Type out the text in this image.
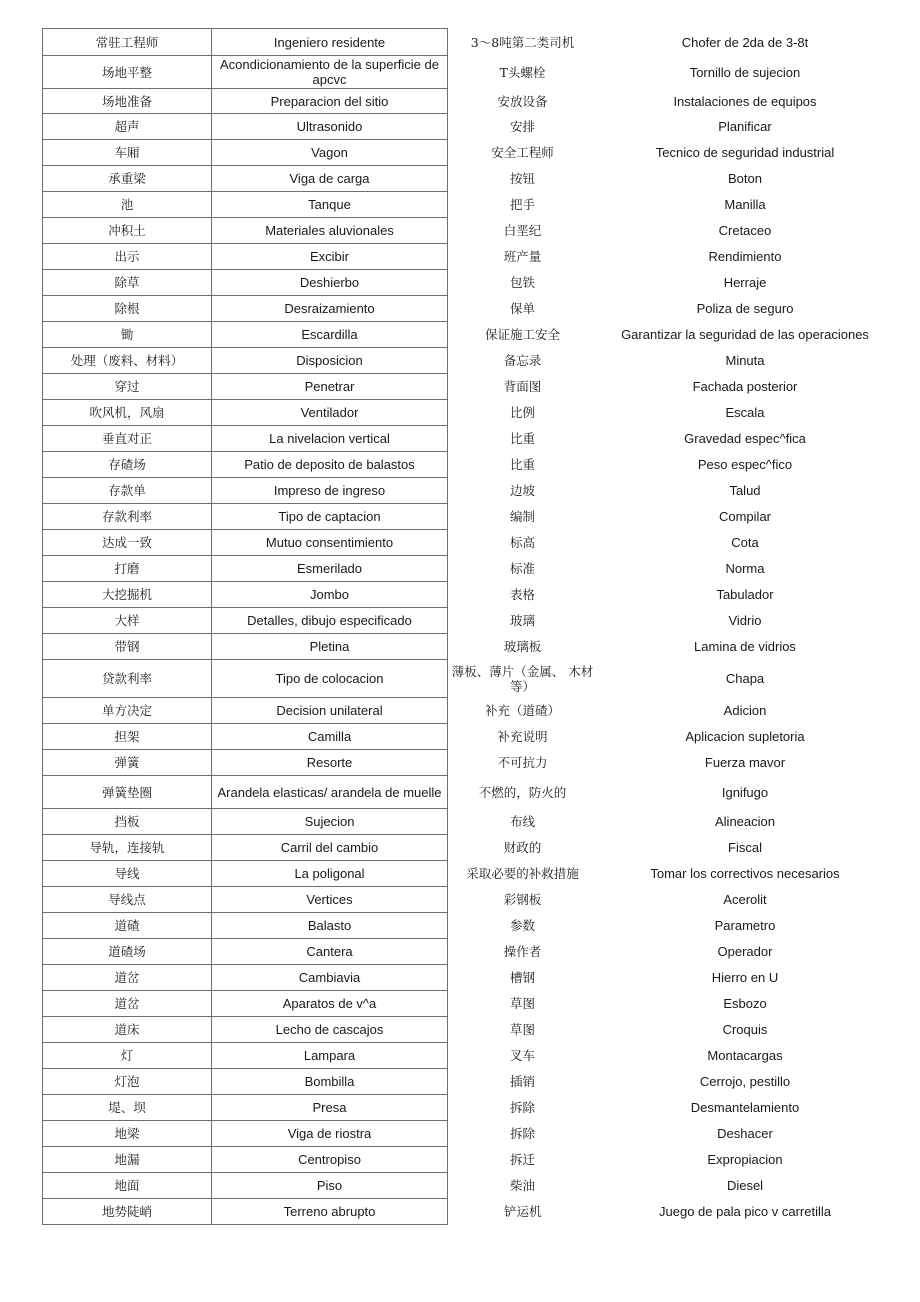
常驻工程师	Ingeniero residente	3〜8吨第二类司机	Chofer de 2da de 3-8t
场地平整	Acondicionamiento de la superficie de apcvc	T头螺栓	Tornillo de sujecion
场地准备	Preparacion del sitio	安放设备	Instalaciones de equipos
超声	Ultrasonido	安排	Planificar
车厢	Vagon	安全工程师	Tecnico de seguridad industrial
承重梁	Viga de carga	按钮	Boton
池	Tanque	把手	Manilla
冲积土	Materiales aluvionales	白垩纪	Cretaceo
出示	Excibir	班产量	Rendimiento
除草	Deshierbo	包铁	Herraje
除根	Desraizamiento	保单	Poliza de seguro
锄	Escardilla	保证施工安全	Garantizar la seguridad de las operaciones
处理（废料、材料）	Disposicion	备忘录	Minuta
穿过	Penetrar	背面图	Fachada posterior
吹风机，风扇	Ventilador	比例	Escala
垂直对正	La nivelacion vertical	比重	Gravedad espec^fica
存碴场	Patio de deposito de balastos	比重	Peso espec^fico
存款单	Impreso de ingreso	边坡	Talud
存款利率	Tipo de captacion	编制	Compilar
达成一致	Mutuo consentimiento	标高	Cota
打磨	Esmerilado	标准	Norma
大挖掘机	Jombo	表格	Tabulador
大样	Detalles, dibujo especificado	玻璃	Vidrio
带钢	Pletina	玻璃板	Lamina de vidrios
贷款利率	Tipo de colocacion	薄板、薄片（金属、 木材等）	Chapa
单方决定	Decision unilateral	补充（道碴）	Adicion
担架	Camilla	补充说明	Aplicacion supletoria
弹簧	Resorte	不可抗力	Fuerza mavor
弹簧垫圈	Arandela elasticas/ arandela de muelle	不燃的，防火的	Ignifugo
挡板	Sujecion	布线	Alineacion
导轨，连接轨	Carril del cambio	财政的	Fiscal
导线	La poligonal	采取必要的补救措施	Tomar los correctivos necesarios
导线点	Vertices	彩钢板	Acerolit
道碴	Balasto	参数	Parametro
道碴场	Cantera	操作者	Operador
道岔	Cambiavia	槽钢	Hierro en U
道岔	Aparatos de v^a	草图	Esbozo
道床	Lecho de cascajos	草图	Croquis
灯	Lampara	叉车	Montacargas
灯泡	Bombilla	插销	Cerrojo, pestillo
堤、坝	Presa	拆除	Desmantelamiento
地梁	Viga de riostra	拆除	Deshacer
地漏	Centropiso	拆迁	Expropiacion
地面	Piso	柴油	Diesel
地势陡峭	Terreno abrupto	铲运机	Juego de pala pico v carretilla
